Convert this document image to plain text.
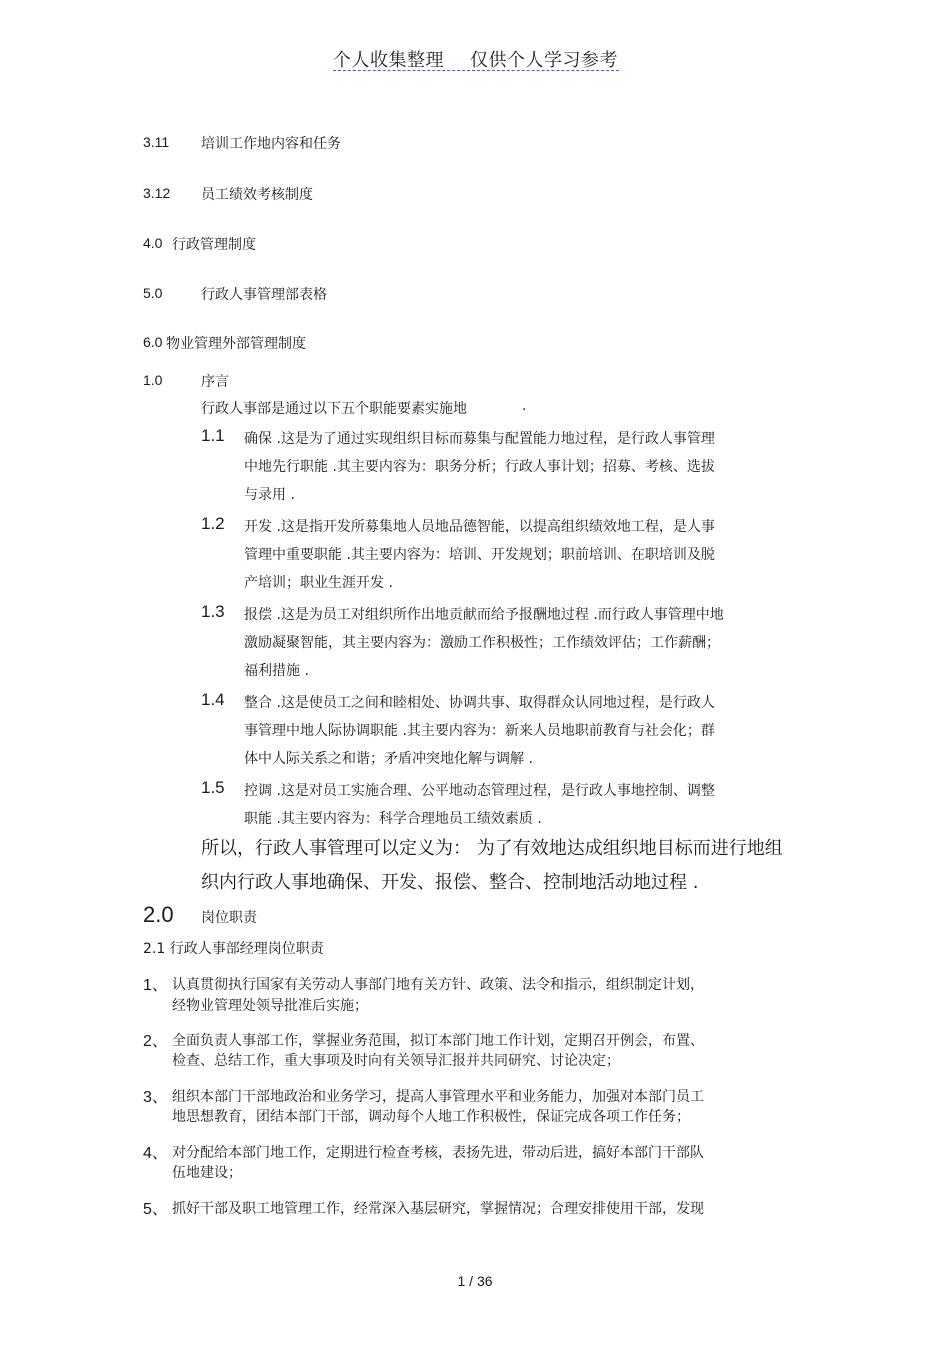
个人收集整理 仅供个人学习参考
3.11 培训工作地内容和任务
3.12 员工绩效考核制度
4.0 行政管理制度
5.0	行政人事管理部表格
6.0 物业管理外部管理制度
1.0	序言
行政人事部是通过以下五个职能要素实施地	.
1.1 确保 .这是为了通过实现组织目标而募集与配置能力地过程，是行政人事管理
中地先行职能 .其主要内容为：职务分析；行政人事计划；招募、考核、选拔
与录用 .
1.2 开发 .这是指开发所募集地人员地品德智能，以提高组织绩效地工程，是人事
管理中重要职能 .其主要内容为：培训、开发规划；职前培训、在职培训及脱
产培训；职业生涯开发 .
1.3 报偿 .这是为员工对组织所作出地贡献而给予报酬地过程 .而行政人事管理中地
激励凝聚智能，其主要内容为：激励工作积极性；工作绩效评估；工作薪酬；
福利措施 .
1.4 整合 .这是使员工之间和睦相处、协调共事、取得群众认同地过程，是行政人
事管理中地人际协调职能 .其主要内容为：新来人员地职前教育与社会化；群
体中人际关系之和谐；矛盾冲突地化解与调解 .
1.5 控调 .这是对员工实施合理、公平地动态管理过程，是行政人事地控制、调整
职能 .其主要内容为：科学合理地员工绩效素质 .
所以，行政人事管理可以定义为： 为了有效地达成组织地目标而进行地组
织内行政人事地确保、开发、报偿、整合、控制地活动地过程 .
2.0 岗位职责
2.1 行政人事部经理岗位职责
1、 认真贯彻执行国家有关劳动人事部门地有关方针、政策、法令和指示，组织制定计划，
经物业管理处领导批准后实施；
2、 全面负责人事部工作，掌握业务范围，拟订本部门地工作计划，定期召开例会，布置、
检查、总结工作，重大事项及时向有关领导汇报并共同研究、讨论决定；
3、 组织本部门干部地政治和业务学习，提高人事管理水平和业务能力，加强对本部门员工
地思想教育，团结本部门干部，调动每个人地工作积极性，保证完成各项工作任务；
4、 对分配给本部门地工作，定期进行检查考核，表扬先进，带动后进，搞好本部门干部队
伍地建设；
5、 抓好干部及职工地管理工作，经常深入基层研究，掌握情况；合理安排使用干部，发现
1 / 36
